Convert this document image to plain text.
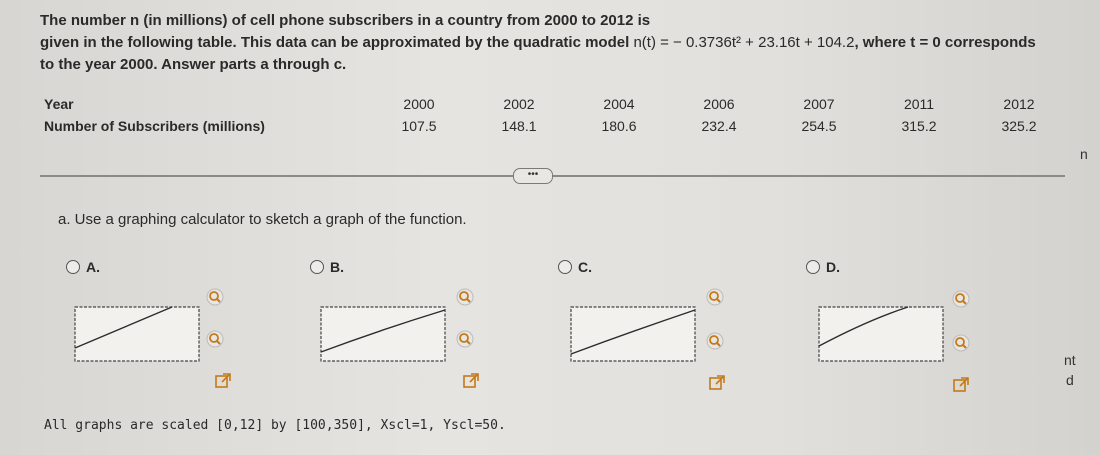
The number n (in millions) of cell phone subscribers in a country from 2000 to 2012 is
given in the following table. This data can be approximated by the quadratic model n(t) = − 0.3736t² + 23.16t + 104.2, where t = 0 corresponds
to the year 2000. Answer parts a through c.
Year	2000	2002	2004	2006	2007	2011	2012
Number of Subscribers (millions)	107.5	148.1	180.6	232.4	254.5	315.2	325.2
n
•••
a. Use a graphing calculator to sketch a graph of the function.
A.	B.	C.	D.
nt
d
All graphs are scaled [0,12] by [100,350], Xscl=1, Yscl=50.
